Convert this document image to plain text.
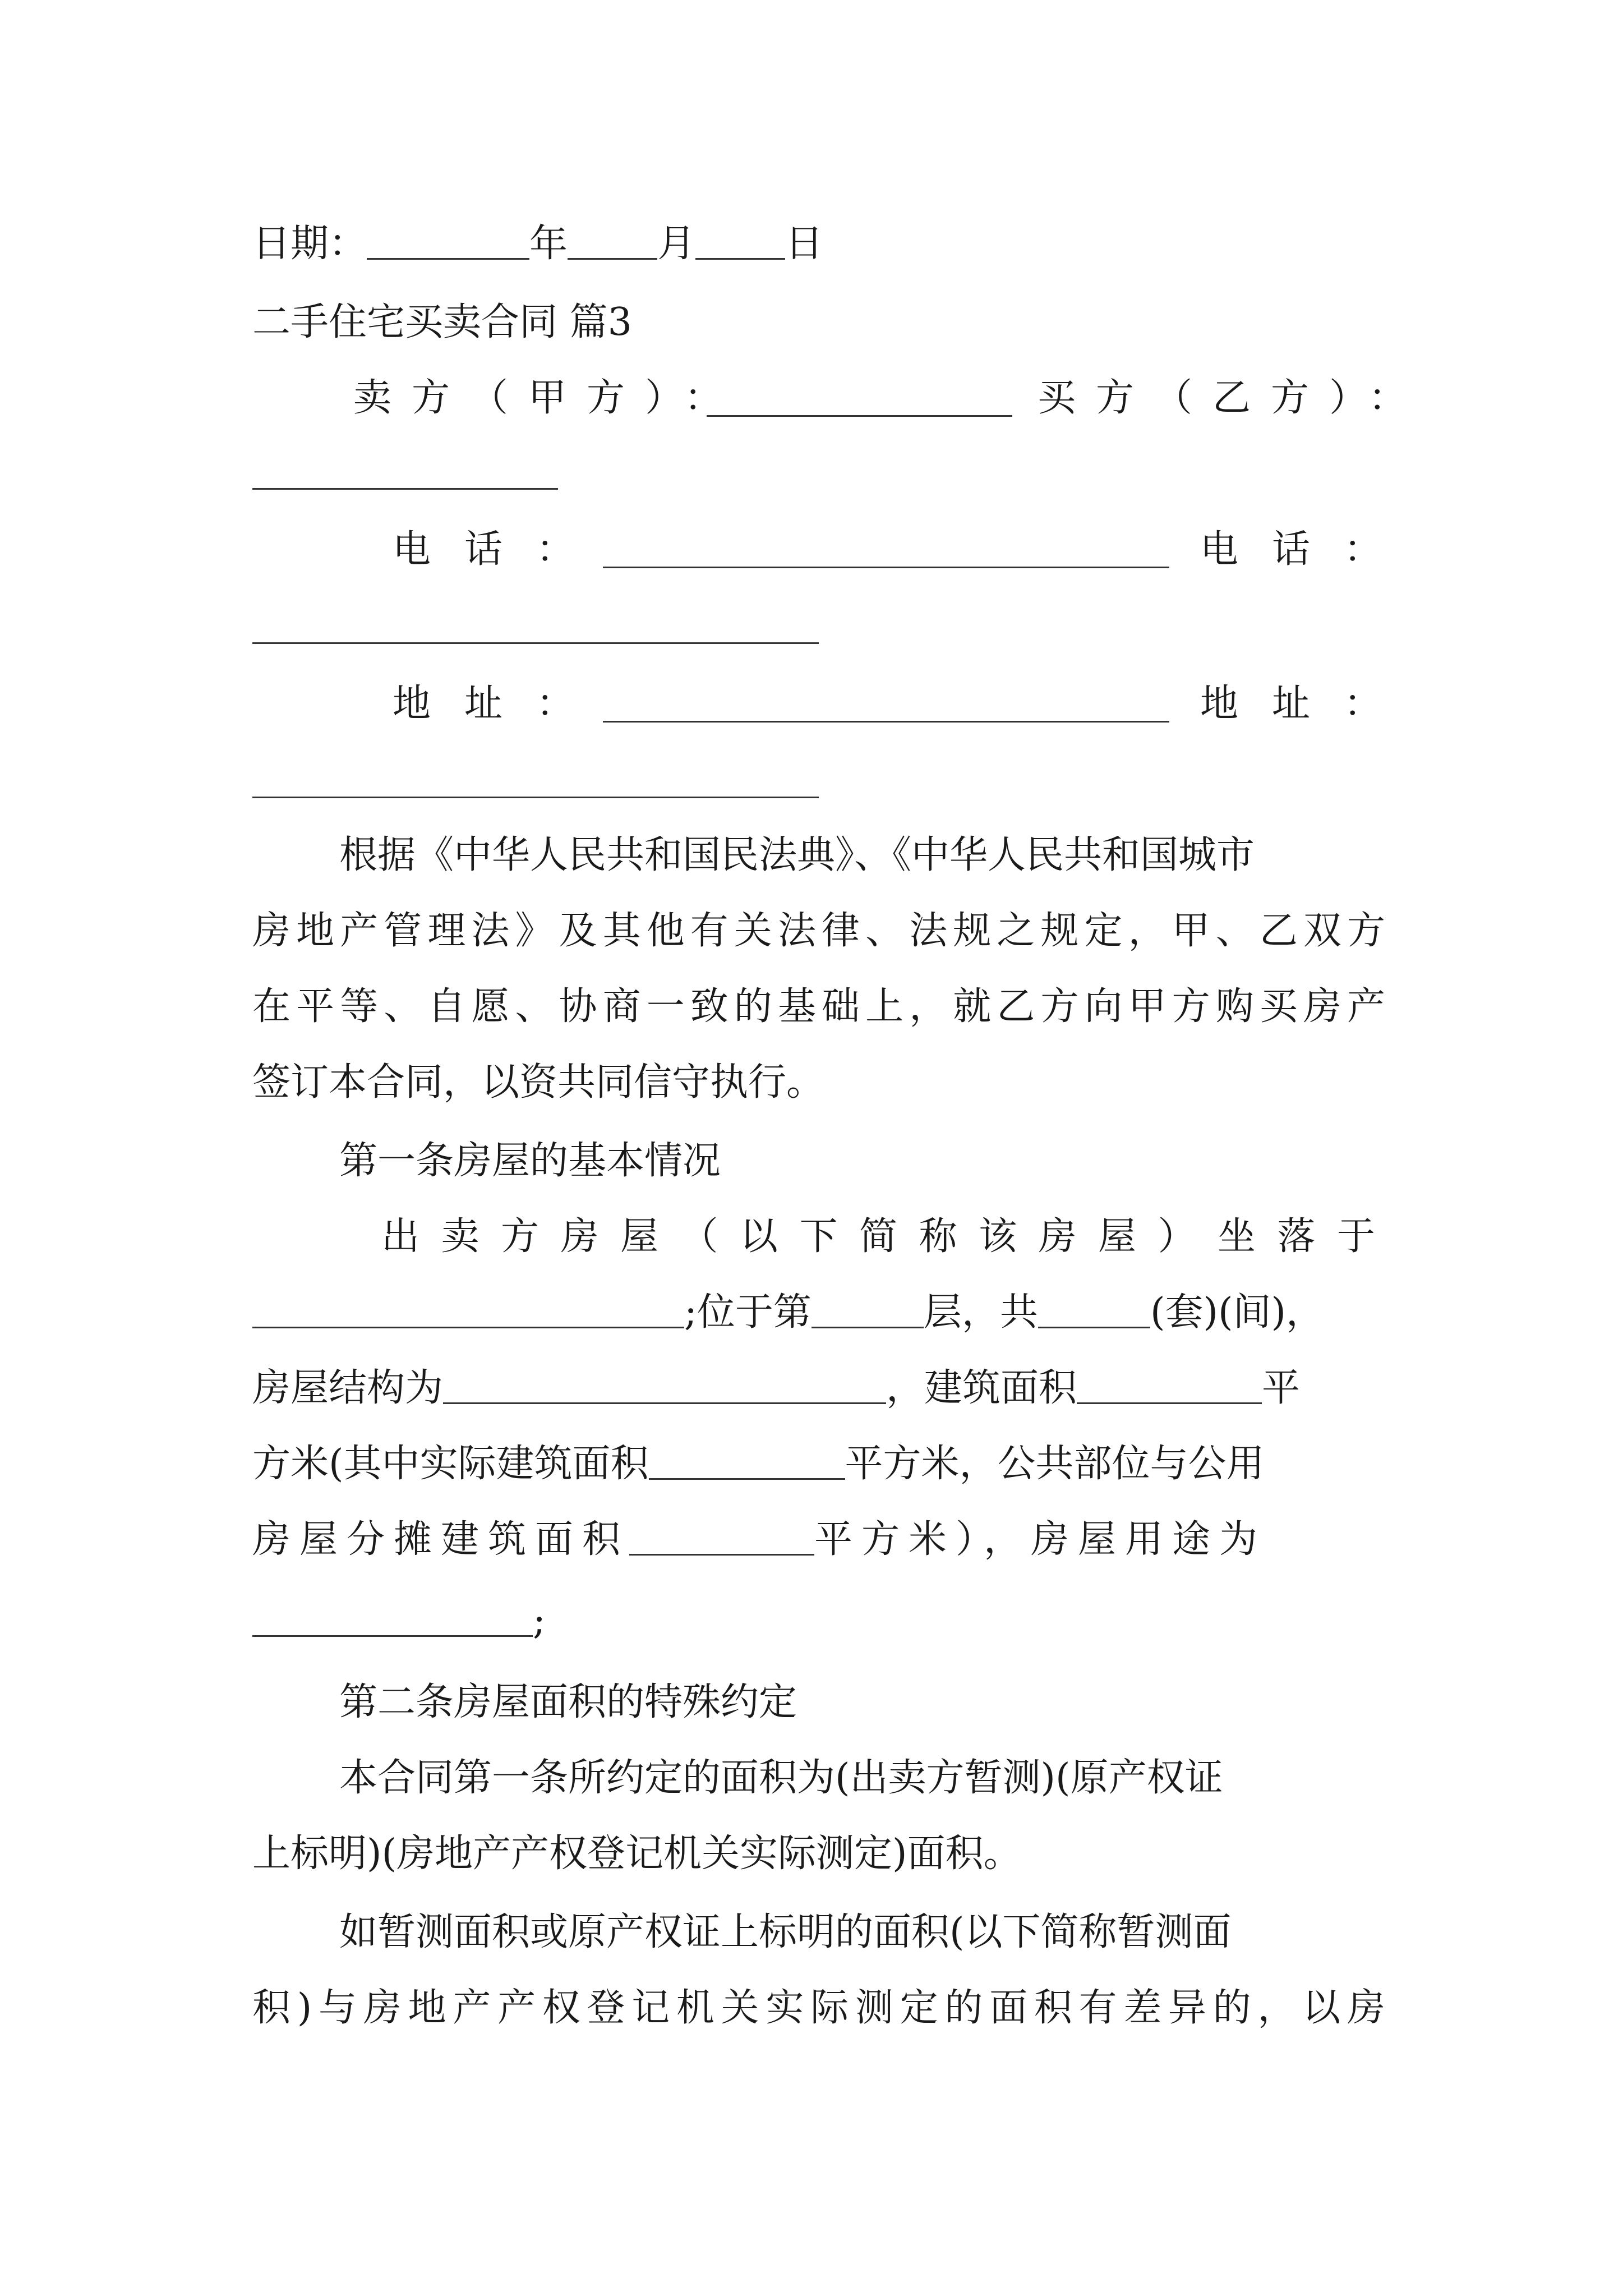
日期：	年 月 日
二手住宅买卖合同 篇3
卖方（甲方）：	买方（乙方）：
电话：	电话：
地址：	地址：
根据《中华人民共和国民法典》、《中华人民共和国城市
房地产管理法》及其他有关法律、法规之规定，甲、乙双方
在平等、自愿、协商一致的基础上，就乙方向甲方购买房产
签订本合同，以资共同信守执行。
第一条房屋的基本情况
出卖方房屋（以下简称该房屋）坐落于
;位于第	层，共	(套)(间)，
房屋结构为	，建筑面积	平
方米(其中实际建筑面积	平方米，公共部位与公用
房屋分摊建筑面积	平方米），房屋用途为
;
第二条房屋面积的特殊约定
本合同第一条所约定的面积为(出卖方暂测)(原产权证
上标明)(房地产产权登记机关实际测定)面积。
如暂测面积或原产权证上标明的面积(以下简称暂测面
积)与房地产产权登记机关实际测定的面积有差异的，以房
